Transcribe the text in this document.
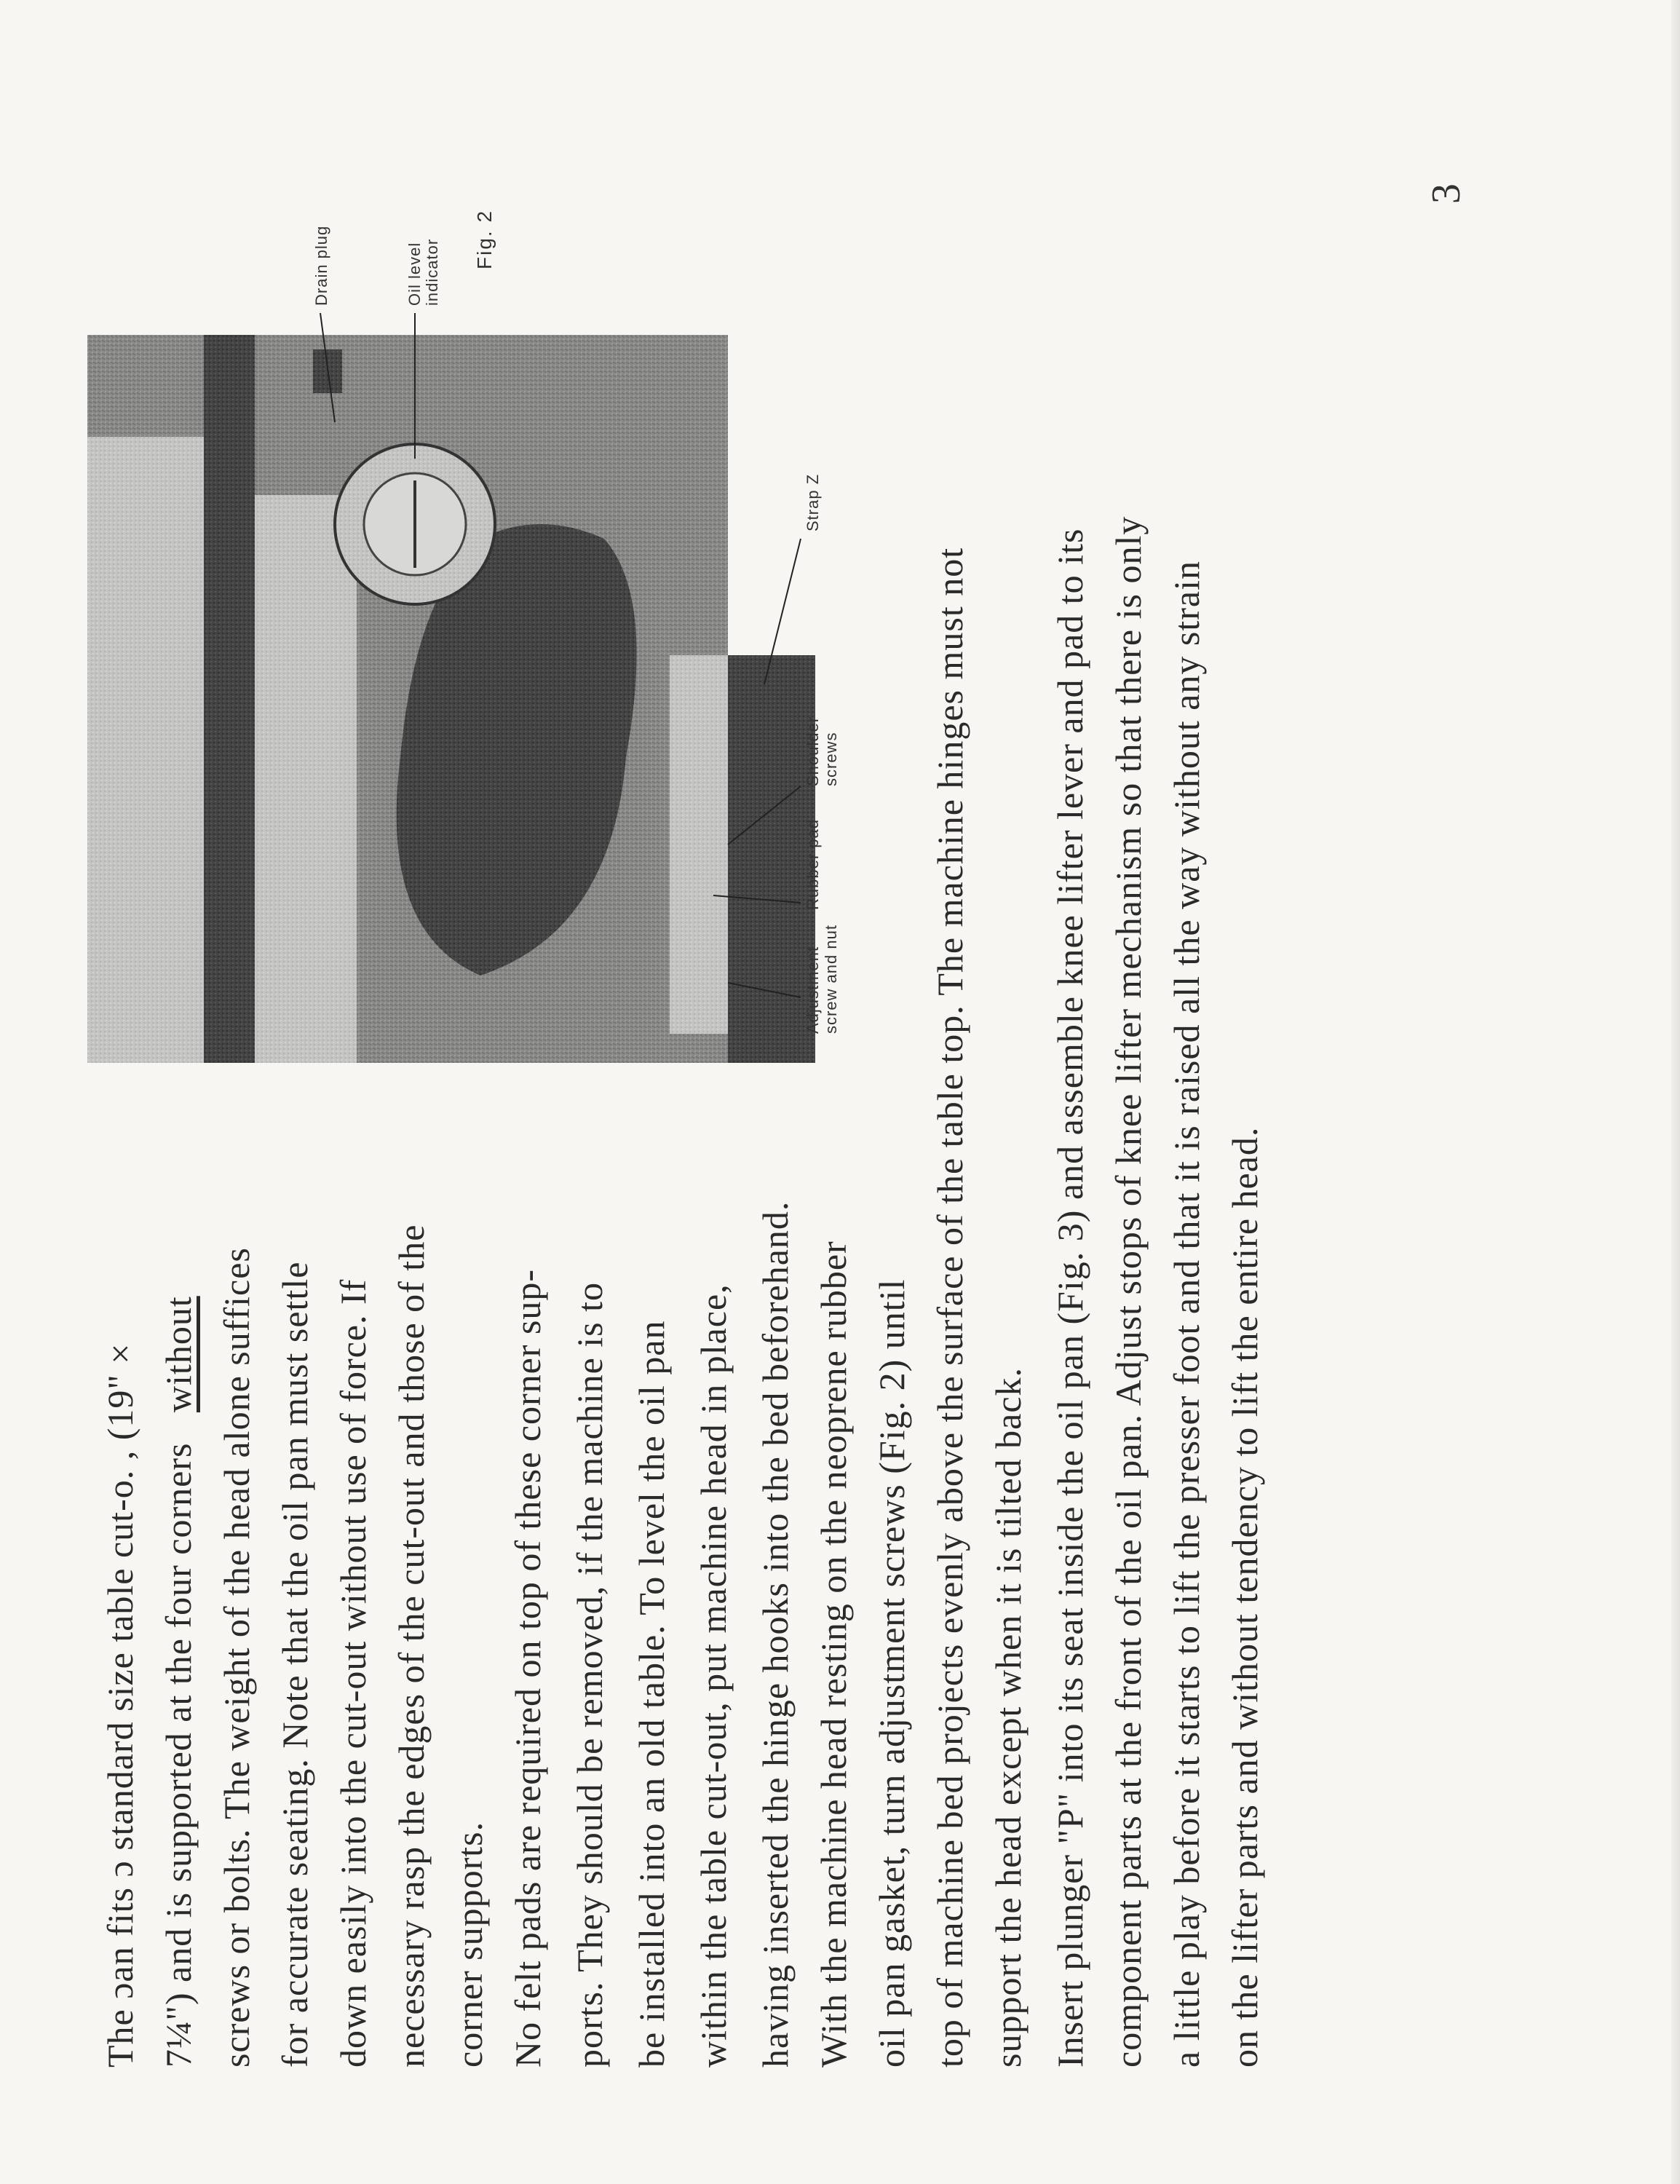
The ɔan fits ɔ standard size table cut-o. , (19" × 7¼") and is supported at the four corners without screws or bolts. The weight of the head alone suffices for accurate seating. Note that the oil pan must settle down easily into the cut-out without use of force. If necessary rasp the edges of the cut-out and those of the corner supports. No felt pads are required on top of these corner sup- ports. They should be removed, if the machine is to be installed into an old table. To level the oil pan within the table cut-out, put machine head in place, having inserted the hinge hooks into the bed beforehand. With the machine head resting on the neoprene rubber oil pan gasket, turn adjustment screws (Fig. 2) until top of machine bed projects evenly above the surface of the table top. The machine hinges must not support the head except when it is tilted back. Insert plunger "P" into its seat inside the oil pan (Fig. 3) and assemble knee lifter lever and pad to its component parts at the front of the oil pan. Adjust stops of knee lifter mechanism so that there is only a little play before it starts to lift the presser foot and that it is raised all the way without any strain on the lifter parts and without tendency to lift the entire head.
Strap Z
Shoulder screws
Rubber pad
Adjustment screw and nut
Oil level indicator
Drain plug	Fig. 2
3
